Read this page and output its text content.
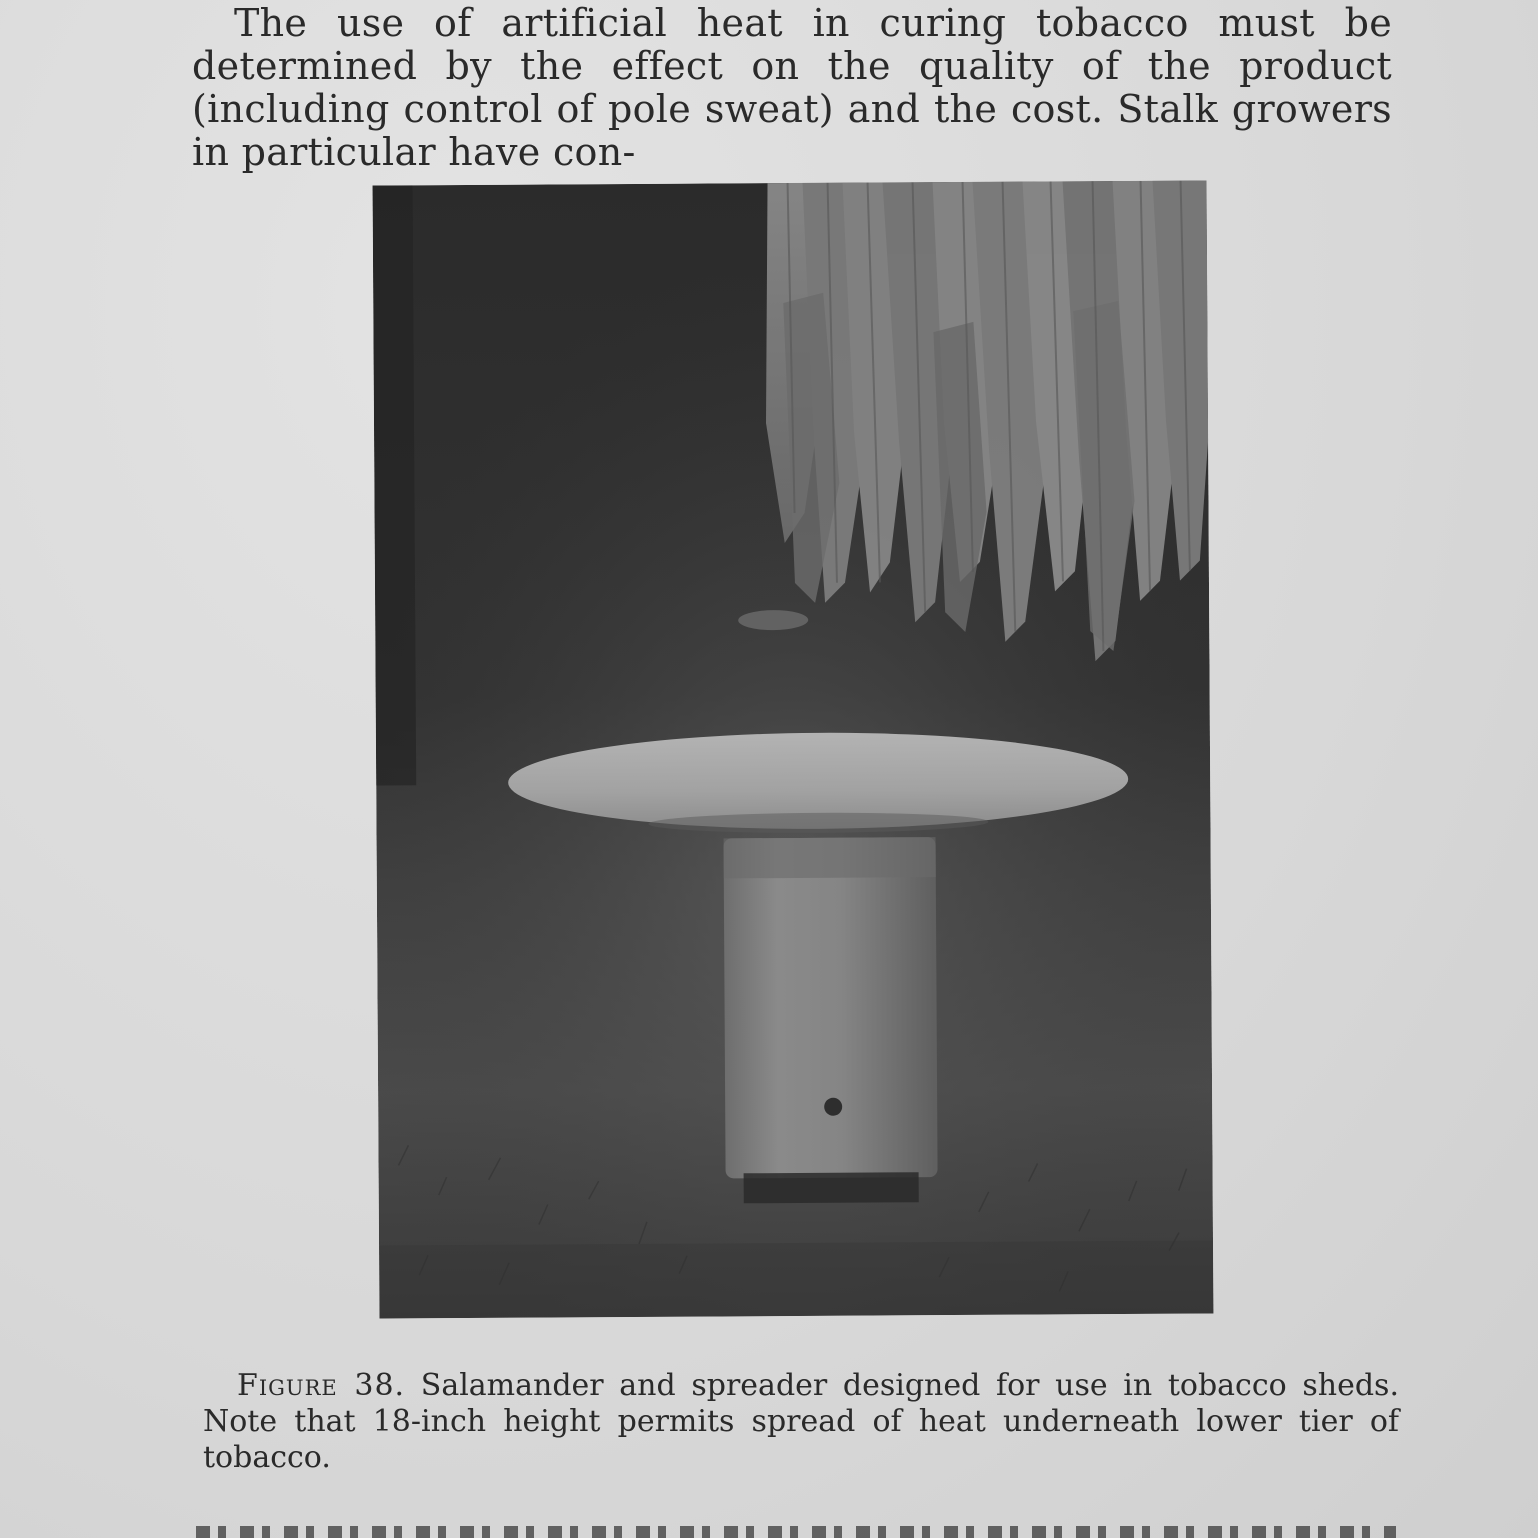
The use of artificial heat in curing tobacco must be determined by the effect on the quality of the product (including control of pole sweat) and the cost. Stalk growers in particular have con-

Figure 38. Salamander and spreader designed for use in tobacco sheds. Note that 18-inch height permits spread of heat underneath lower tier of tobacco.
